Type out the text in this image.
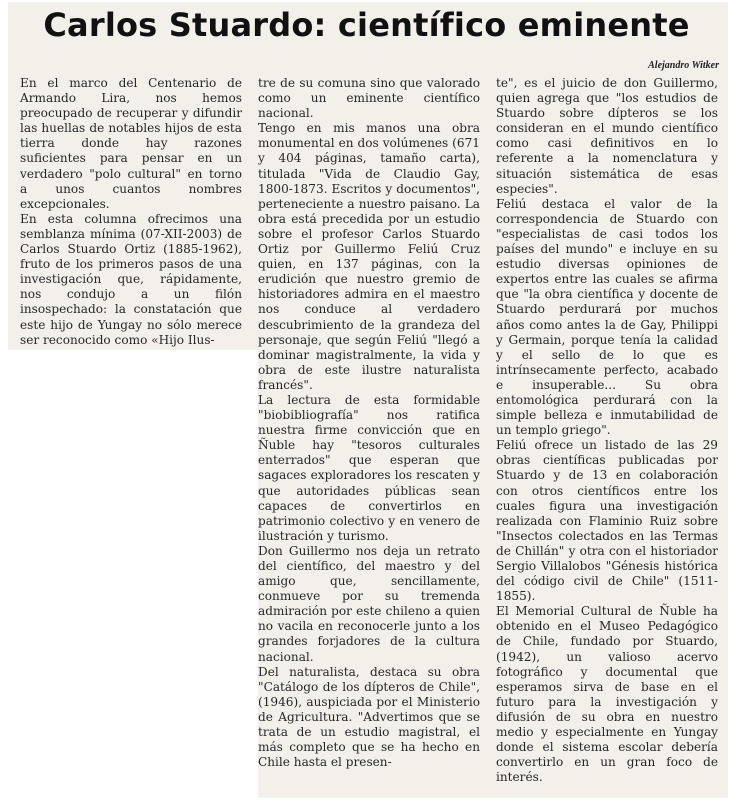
Carlos Stuardo: científico eminente
Alejandro Witker

En el marco del Centenario de Armando Lira, nos hemos preocupado de recuperar y difundir las huellas de notables hijos de esta tierra donde hay razones suficientes para pensar en un verdadero "polo cultural" en torno a unos cuantos nombres excepcionales.

En esta columna ofrecimos una semblanza mínima (07-XII-2003) de Carlos Stuardo Ortiz (1885-1962), fruto de los primeros pasos de una investigación que, rápidamente, nos condujo a un filón insospechado: la constatación que este hijo de Yungay no sólo merece ser reconocido como «Hijo Ilus-

tre de su comuna sino que valorado como un eminente científico nacional.

Tengo en mis manos una obra monumental en dos volúmenes (671 y 404 páginas, tamaño carta), titulada "Vida de Claudio Gay, 1800-1873. Escritos y documentos", perteneciente a nuestro paisano. La obra está precedida por un estudio sobre el profesor Carlos Stuardo Ortiz por Guillermo Feliú Cruz quien, en 137 páginas, con la erudición que nuestro gremio de historiadores admira en el maestro nos conduce al verdadero descubrimiento de la grandeza del personaje, que según Feliú "llegó a dominar magistralmente, la vida y obra de este ilustre naturalista francés".

La lectura de esta formidable "biobibliografía" nos ratifica nuestra firme convicción que en Ñuble hay "tesoros culturales enterrados" que esperan que sagaces exploradores los rescaten y que autoridades públicas sean capaces de convertirlos en patrimonio colectivo y en venero de ilustración y turismo.

Don Guillermo nos deja un retrato del científico, del maestro y del amigo que, sencillamente, conmueve por su tremenda admiración por este chileno a quien no vacila en reconocerle junto a los grandes forjadores de la cultura nacional.

Del naturalista, destaca su obra "Catálogo de los dípteros de Chile", (1946), auspiciada por el Ministerio de Agricultura. "Advertimos que se trata de un estudio magistral, el más completo que se ha hecho en Chile hasta el presen-

te", es el juicio de don Guillermo, quien agrega que "los estudios de Stuardo sobre dípteros se los consideran en el mundo científico como casi definitivos en lo referente a la nomenclatura y situación sistemática de esas especies".

Feliú destaca el valor de la correspondencia de Stuardo con "especialistas de casi todos los países del mundo" e incluye en su estudio diversas opiniones de expertos entre las cuales se afirma que "la obra científica y docente de Stuardo perdurará por muchos años como antes la de Gay, Philippi y Germain, porque tenía la calidad y el sello de lo que es intrínsecamente perfecto, acabado e insuperable... Su obra entomológica perdurará con la simple belleza e inmutabilidad de un templo griego".

Feliú ofrece un listado de las 29 obras científicas publicadas por Stuardo y de 13 en colaboración con otros científicos entre los cuales figura una investigación realizada con Flaminio Ruiz sobre "Insectos colectados en las Termas de Chillán" y otra con el historiador Sergio Villalobos "Génesis histórica del código civil de Chile" (1511-1855).

El Memorial Cultural de Ñuble ha obtenido en el Museo Pedagógico de Chile, fundado por Stuardo, (1942), un valioso acervo fotográfico y documental que esperamos sirva de base en el futuro para la investigación y difusión de su obra en nuestro medio y especialmente en Yungay donde el sistema escolar debería convertirlo en un gran foco de interés.
